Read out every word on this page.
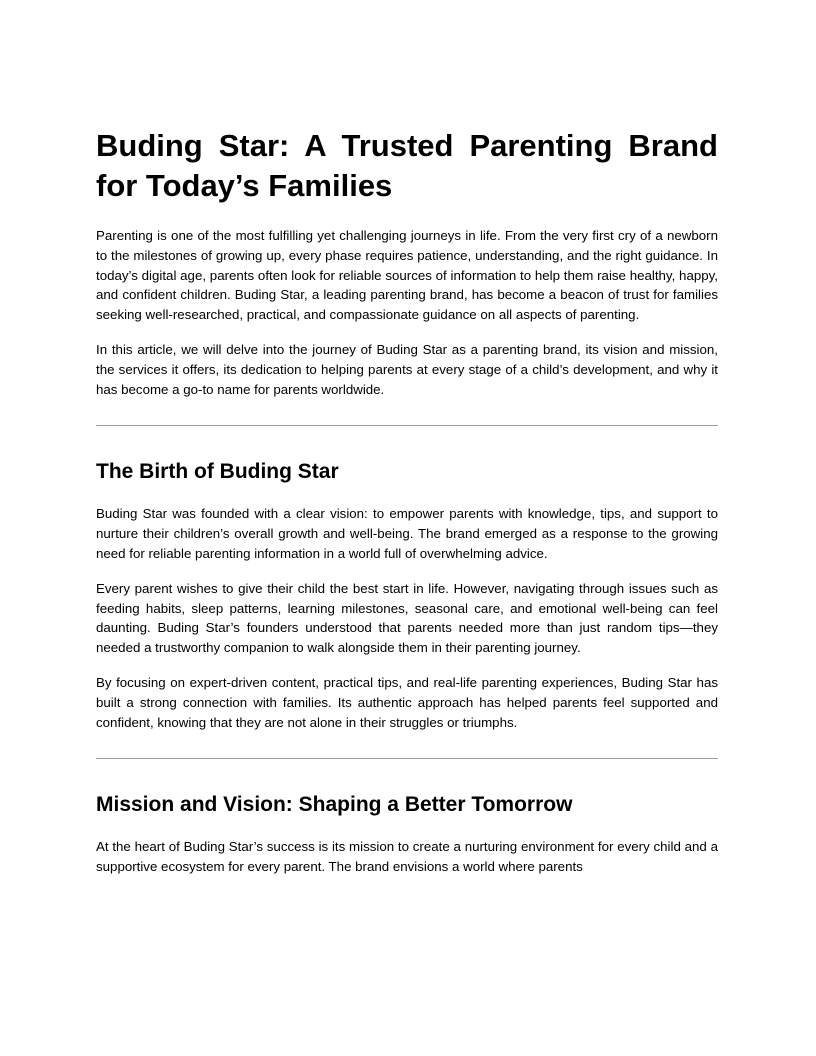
Buding Star: A Trusted Parenting Brand for Today’s Families

Parenting is one of the most fulfilling yet challenging journeys in life. From the very first cry of a newborn to the milestones of growing up, every phase requires patience, understanding, and the right guidance. In today’s digital age, parents often look for reliable sources of information to help them raise healthy, happy, and confident children. Buding Star, a leading parenting brand, has become a beacon of trust for families seeking well-researched, practical, and compassionate guidance on all aspects of parenting.

In this article, we will delve into the journey of Buding Star as a parenting brand, its vision and mission, the services it offers, its dedication to helping parents at every stage of a child’s development, and why it has become a go-to name for parents worldwide.

The Birth of Buding Star

Buding Star was founded with a clear vision: to empower parents with knowledge, tips, and support to nurture their children’s overall growth and well-being. The brand emerged as a response to the growing need for reliable parenting information in a world full of overwhelming advice.

Every parent wishes to give their child the best start in life. However, navigating through issues such as feeding habits, sleep patterns, learning milestones, seasonal care, and emotional well-being can feel daunting. Buding Star’s founders understood that parents needed more than just random tips—they needed a trustworthy companion to walk alongside them in their parenting journey.

By focusing on expert-driven content, practical tips, and real-life parenting experiences, Buding Star has built a strong connection with families. Its authentic approach has helped parents feel supported and confident, knowing that they are not alone in their struggles or triumphs.

Mission and Vision: Shaping a Better Tomorrow

At the heart of Buding Star’s success is its mission to create a nurturing environment for every child and a supportive ecosystem for every parent. The brand envisions a world where parents
